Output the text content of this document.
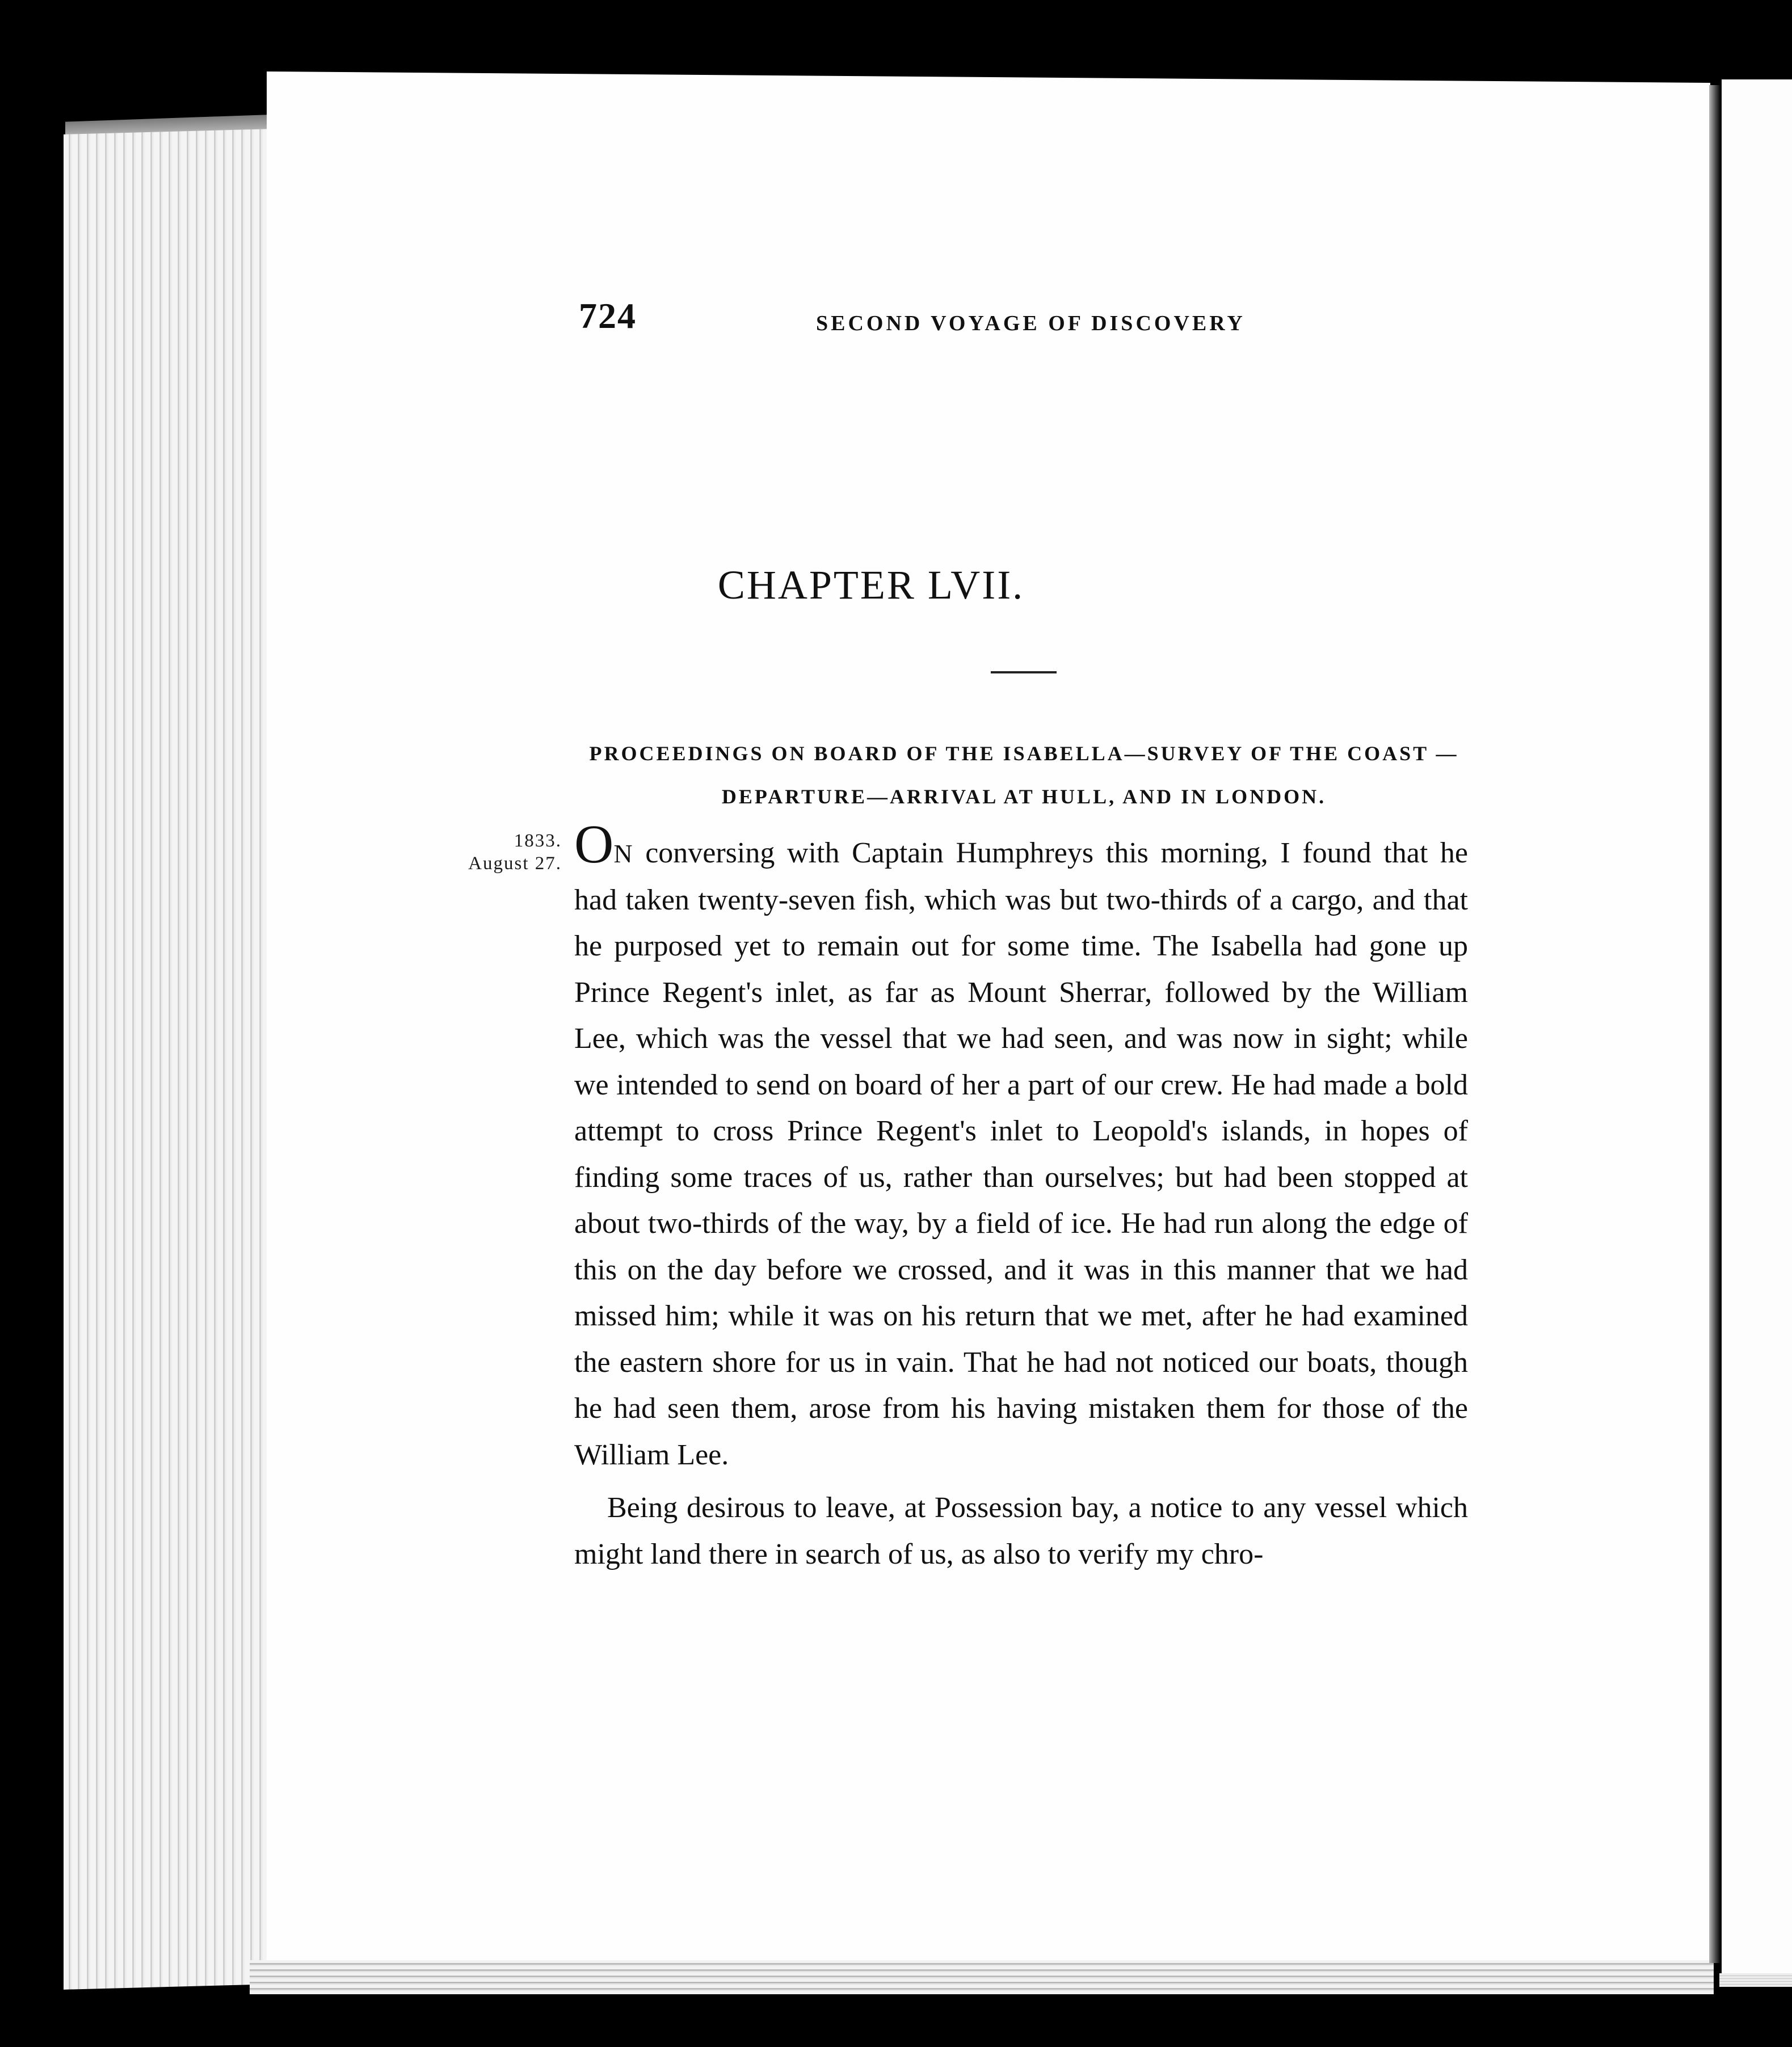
724	SECOND VOYAGE OF DISCOVERY
CHAPTER LVII.
PROCEEDINGS ON BOARD OF THE ISABELLA—SURVEY OF THE COAST —DEPARTURE—ARRIVAL AT HULL, AND IN LONDON.
1833.
August 27. ON conversing with Captain Humphreys this morning, I found that he had taken twenty-seven fish, which was but two-thirds of a cargo, and that he purposed yet to remain out for some time. The Isabella had gone up Prince Regent's inlet, as far as Mount Sherrar, followed by the William Lee, which was the vessel that we had seen, and was now in sight; while we intended to send on board of her a part of our crew. He had made a bold attempt to cross Prince Regent's inlet to Leopold's islands, in hopes of finding some traces of us, rather than ourselves; but had been stopped at about two-thirds of the way, by a field of ice. He had run along the edge of this on the day before we crossed, and it was in this manner that we had missed him; while it was on his return that we met, after he had examined the eastern shore for us in vain. That he had not noticed our boats, though he had seen them, arose from his having mistaken them for those of the William Lee.

Being desirous to leave, at Possession bay, a notice to any vessel which might land there in search of us, as also to verify my chro-
